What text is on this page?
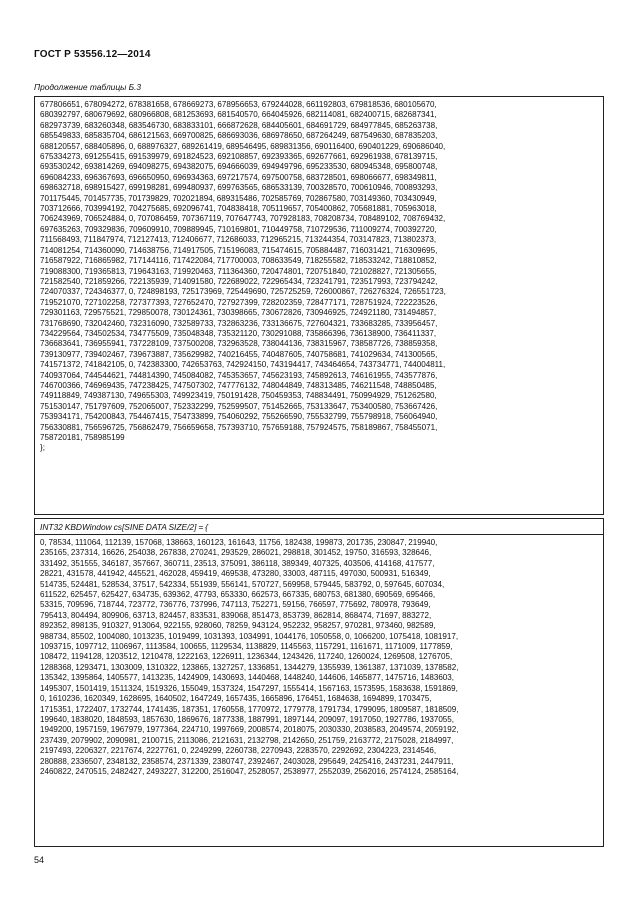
ГОСТ Р 53556.12—2014
Продолжение таблицы Б.3
677806651, 678094272, 678381658, 678669273, 678956653, 679244028, 661192803, 679818536, 680105670,
680392797, 680679692, 680966808, 681253693, 681540570, 664045926, 682114081, 682400715, 682687341,
682973739, 683260348, 683546730, 683833101, 666872628, 684405601, 684691729, 684977845, 685263738,
685549833, 685835704, 686121563, 669700825, 686693036, 686978650, 687264249, 687549630, 687835203,
688120557, 688405896, 0, 688976327, 689261419, 689546495, 689831356, 690116400, 690401229, 690686040,
675334273, 691255415, 691539979, 691824523, 692108857, 692393365, 692677661, 692961938, 678139715,
693530242, 693814269, 694098275, 694382075, 694666039, 694949796, 695233530, 680945348, 695800748,
696084233, 696367693, 696650950, 696934363, 697217574, 697500758, 683728501, 698066677, 698349811,
698632718, 698915427, 699198281, 699480937, 699763565, 686533139, 700328570, 700610946, 700893293,
701175445, 701457735, 701739829, 702021894, 689315486, 702585769, 702867580, 703149360, 703430949,
703712666, 703994192, 704275685, 692096741, 704838418, 705119657, 705400862, 705681881, 705963018,
706243969, 706524884, 0, 707086459, 707367119, 707647743, 707928183, 708208734, 708489102, 708769432,
697635263, 709329836, 709609910, 709889945, 710169801, 710449758, 710729536, 711009274, 700392720,
711568493, 711847974, 712127413, 712406677, 712686033, 712965215, 713244354, 703147823, 713802373,
714081254, 714360090, 714638756, 714917505, 715196083, 715474615, 705884487, 716031421, 716309695,
716587922, 716865982, 717144116, 717422084, 717700003, 708633549, 718255582, 718533242, 718810852,
719088300, 719365813, 719643163, 719920463, 711364360, 720474801, 720751840, 721028827, 721305655,
721582540, 721859266, 722135939, 714091580, 722689022, 722965434, 723241791, 723517993, 723794242,
724070337, 724346377, 0, 724898193, 725173969, 725449690, 725725259, 726000867, 726276324, 726551723,
719521070, 727102258, 727377393, 727652470, 727927399, 728202359, 728477171, 728751924, 722223526,
729301163, 729575521, 729850078, 730124361, 730398665, 730672826, 730946925, 724921180, 731494857,
731768690, 732042460, 732316090, 732589733, 732863236, 733136675, 727604321, 733683285, 733956457,
734229564, 734502534, 734775509, 735048348, 735321120, 730291088, 735866396, 736138900, 736411337,
736683641, 736955941, 737228109, 737500208, 732963528, 738044136, 738315967, 738587726, 738859358,
739130977, 739402467, 739673887, 735629982, 740216455, 740487605, 740758681, 741029634, 741300565,
741571372, 741842105, 0, 742383300, 742653763, 742924150, 743194417, 743464654, 743734771, 744004811,
740937064, 744544621, 744814390, 745084082, 745353657, 745623193, 745892613, 746161955, 743577876,
746700366, 746969435, 747238425, 747507302, 747776132, 748044849, 748313485, 746211548, 748850485,
749118849, 749387130, 749655303, 749923419, 750191428, 750459353, 748834491, 750994929, 751262580,
751530147, 751797609, 752065007, 752332299, 752599507, 751452665, 753133647, 753400580, 753667426,
753934171, 754200843, 754467415, 754733899, 754060292, 755266590, 755532799, 755798918, 756064940,
756330881, 756596725, 756862479, 756659658, 757393710, 757659188, 757924575, 758189867, 758455071,
758720181, 758985199
};
INT32 KBDWindow cs[SINE DATA SIZE/2] = {
0, 78534, 111064, 112139, 157068, 138663, 160123, 161643, 11756, 182438, 199873, 201735, 230847, 219940,
235165, 237314, 16626, 254038, 267838, 270241, 293529, 286021, 298818, 301452, 19750, 316593, 328646,
331492, 351555, 346187, 357667, 360711, 23513, 375091, 386118, 389349, 407325, 403506, 414168, 417577,
28221, 431578, 441942, 445521, 462028, 459419, 469538, 473280, 33003, 487115, 497030, 500931, 516349,
514735, 524481, 528534, 37517, 542334, 551939, 556141, 570727, 569958, 579445, 583792, 0, 597645, 607034,
611522, 625457, 625427, 634735, 639362, 47793, 653330, 662573, 667335, 680753, 681380, 690569, 695466,
53315, 709596, 718744, 723772, 736776, 737996, 747113, 752271, 59156, 766597, 775692, 780978, 793649,
795413, 804494, 809906, 63713, 824457, 833531, 839068, 851473, 853739, 862814, 868474, 71697, 883272,
892352, 898135, 910327, 913064, 922155, 928060, 78259, 943124, 952232, 958257, 970281, 973460, 982589,
988734, 85502, 1004080, 1013235, 1019499, 1031393, 1034991, 1044176, 1050558, 0, 1066200, 1075418, 1081917,
1093715, 1097712, 1106967, 1113584, 100655, 1129534, 1138829, 1145563, 1157291, 1161671, 1171009, 1177859,
108472, 1194128, 1203512, 1210478, 1222163, 1226911, 1236344, 1243426, 117240, 1260024, 1269508, 1276705,
1288368, 1293471, 1303009, 1310322, 123865, 1327257, 1336851, 1344279, 1355939, 1361387, 1371039, 1378582,
135342, 1395864, 1405577, 1413235, 1424909, 1430693, 1440468, 1448240, 144606, 1465877, 1475716, 1483603,
1495307, 1501419, 1511324, 1519326, 155049, 1537324, 1547297, 1555414, 1567163, 1573595, 1583638, 1591869,
0, 1610236, 1620349, 1628695, 1640502, 1647249, 1657435, 1665896, 176451, 1684638, 1694899, 1703475,
1715351, 1722407, 1732744, 1741435, 187351, 1760558, 1770972, 1779778, 1791734, 1799095, 1809587, 1818509,
199640, 1838020, 1848593, 1857630, 1869676, 1877338, 1887991, 1897144, 209097, 1917050, 1927786, 1937055,
1949200, 1957159, 1967979, 1977364, 224710, 1997669, 2008574, 2018075, 2030330, 2038583, 2049574, 2059192,
237439, 2079902, 2090981, 2100715, 2113086, 2121631, 2132798, 2142650, 251759, 2163772, 2175028, 2184997,
2197493, 2206327, 2217674, 2227761, 0, 2249299, 2260738, 2270943, 2283570, 2292692, 2304223, 2314546,
280888, 2336507, 2348132, 2358574, 2371339, 2380747, 2392467, 2403028, 295649, 2425416, 2437231, 2447911,
2460822, 2470515, 2482427, 2493227, 312200, 2516047, 2528057, 2538977, 2552039, 2562016, 2574124, 2585164,
54
